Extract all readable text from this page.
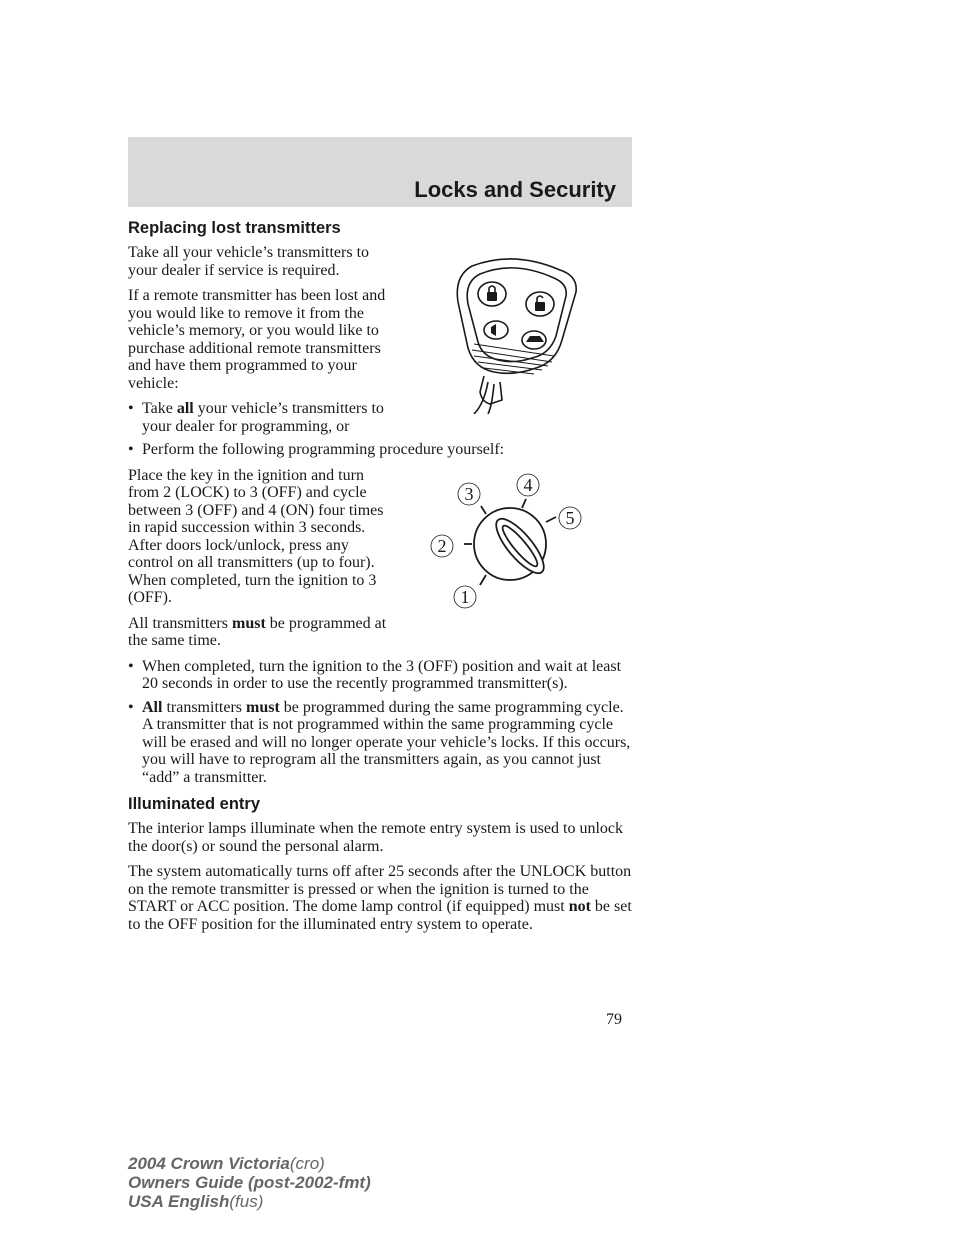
Locks and Security
Replacing lost transmitters

Take all your vehicle’s transmitters to your dealer if service is required.

If a remote transmitter has been lost and you would like to remove it from the vehicle’s memory, or you would like to purchase additional remote transmitters and have them programmed to your vehicle:

• Take all your vehicle’s transmitters to your dealer for programming, or
• Perform the following programming procedure yourself:

Place the key in the ignition and turn from 2 (LOCK) to 3 (OFF) and cycle between 3 (OFF) and 4 (ON) four times in rapid succession within 3 seconds. After doors lock/unlock, press any control on all transmitters (up to four). When completed, turn the ignition to 3 (OFF).

All transmitters must be programmed at the same time.

• When completed, turn the ignition to the 3 (OFF) position and wait at least 20 seconds in order to use the recently programmed transmitter(s).
• All transmitters must be programmed during the same programming cycle. A transmitter that is not programmed within the same programming cycle will be erased and will no longer operate your vehicle’s locks. If this occurs, you will have to reprogram all the transmitters again, as you cannot just “add” a transmitter.
Illuminated entry

The interior lamps illuminate when the remote entry system is used to unlock the door(s) or sound the personal alarm.

The system automatically turns off after 25 seconds after the UNLOCK button on the remote transmitter is pressed or when the ignition is turned to the START or ACC position. The dome lamp control (if equipped) must not be set to the OFF position for the illuminated entry system to operate.

1
2
3	4
5

79

2004 Crown Victoria(cro)
Owners Guide (post-2002-fmt)
USA English(fus)
